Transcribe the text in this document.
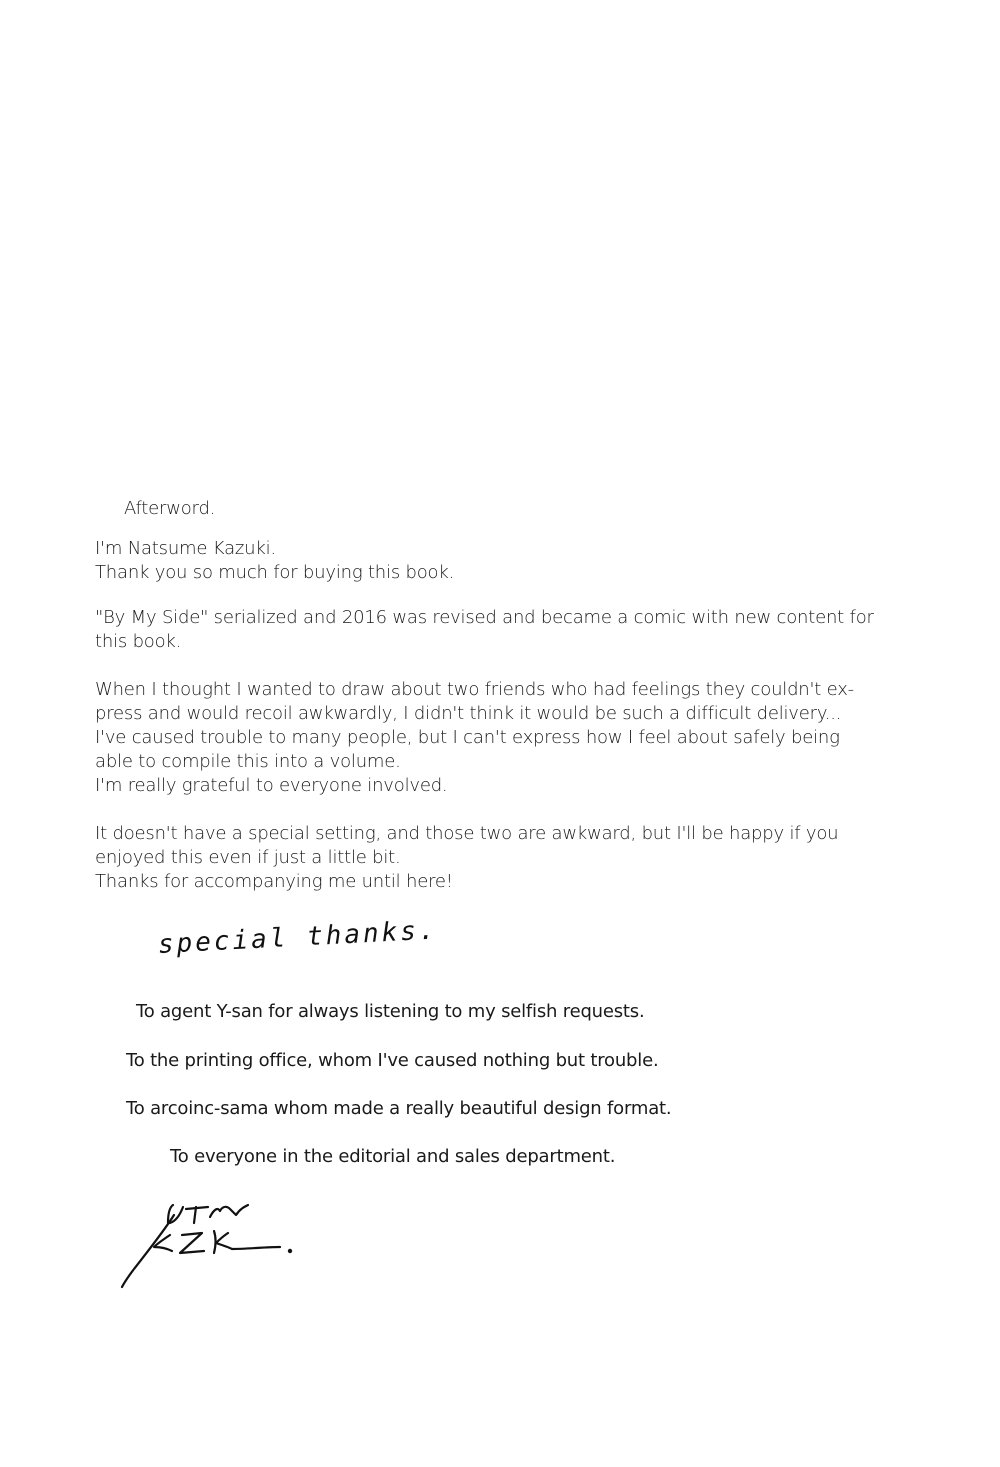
Afterword.
I'm Natsume Kazuki.
Thank you so much for buying this book.
"By My Side" serialized and 2016 was revised and became a comic with new content for
this book.
When I thought I wanted to draw about two friends who had feelings they couldn't ex-
press and would recoil awkwardly, I didn't think it would be such a difficult delivery...
I've caused trouble to many people, but I can't express how I feel about safely being
able to compile this into a volume.
I'm really grateful to everyone involved.
It doesn't have a special setting, and those two are awkward, but I'll be happy if you
enjoyed this even if just a little bit.
Thanks for accompanying me until here!
special thanks.
To agent Y-san for always listening to my selfish requests.
To the printing office, whom I've caused nothing but trouble.
To arcoinc-sama whom made a really beautiful design format.
To everyone in the editorial and sales department.
